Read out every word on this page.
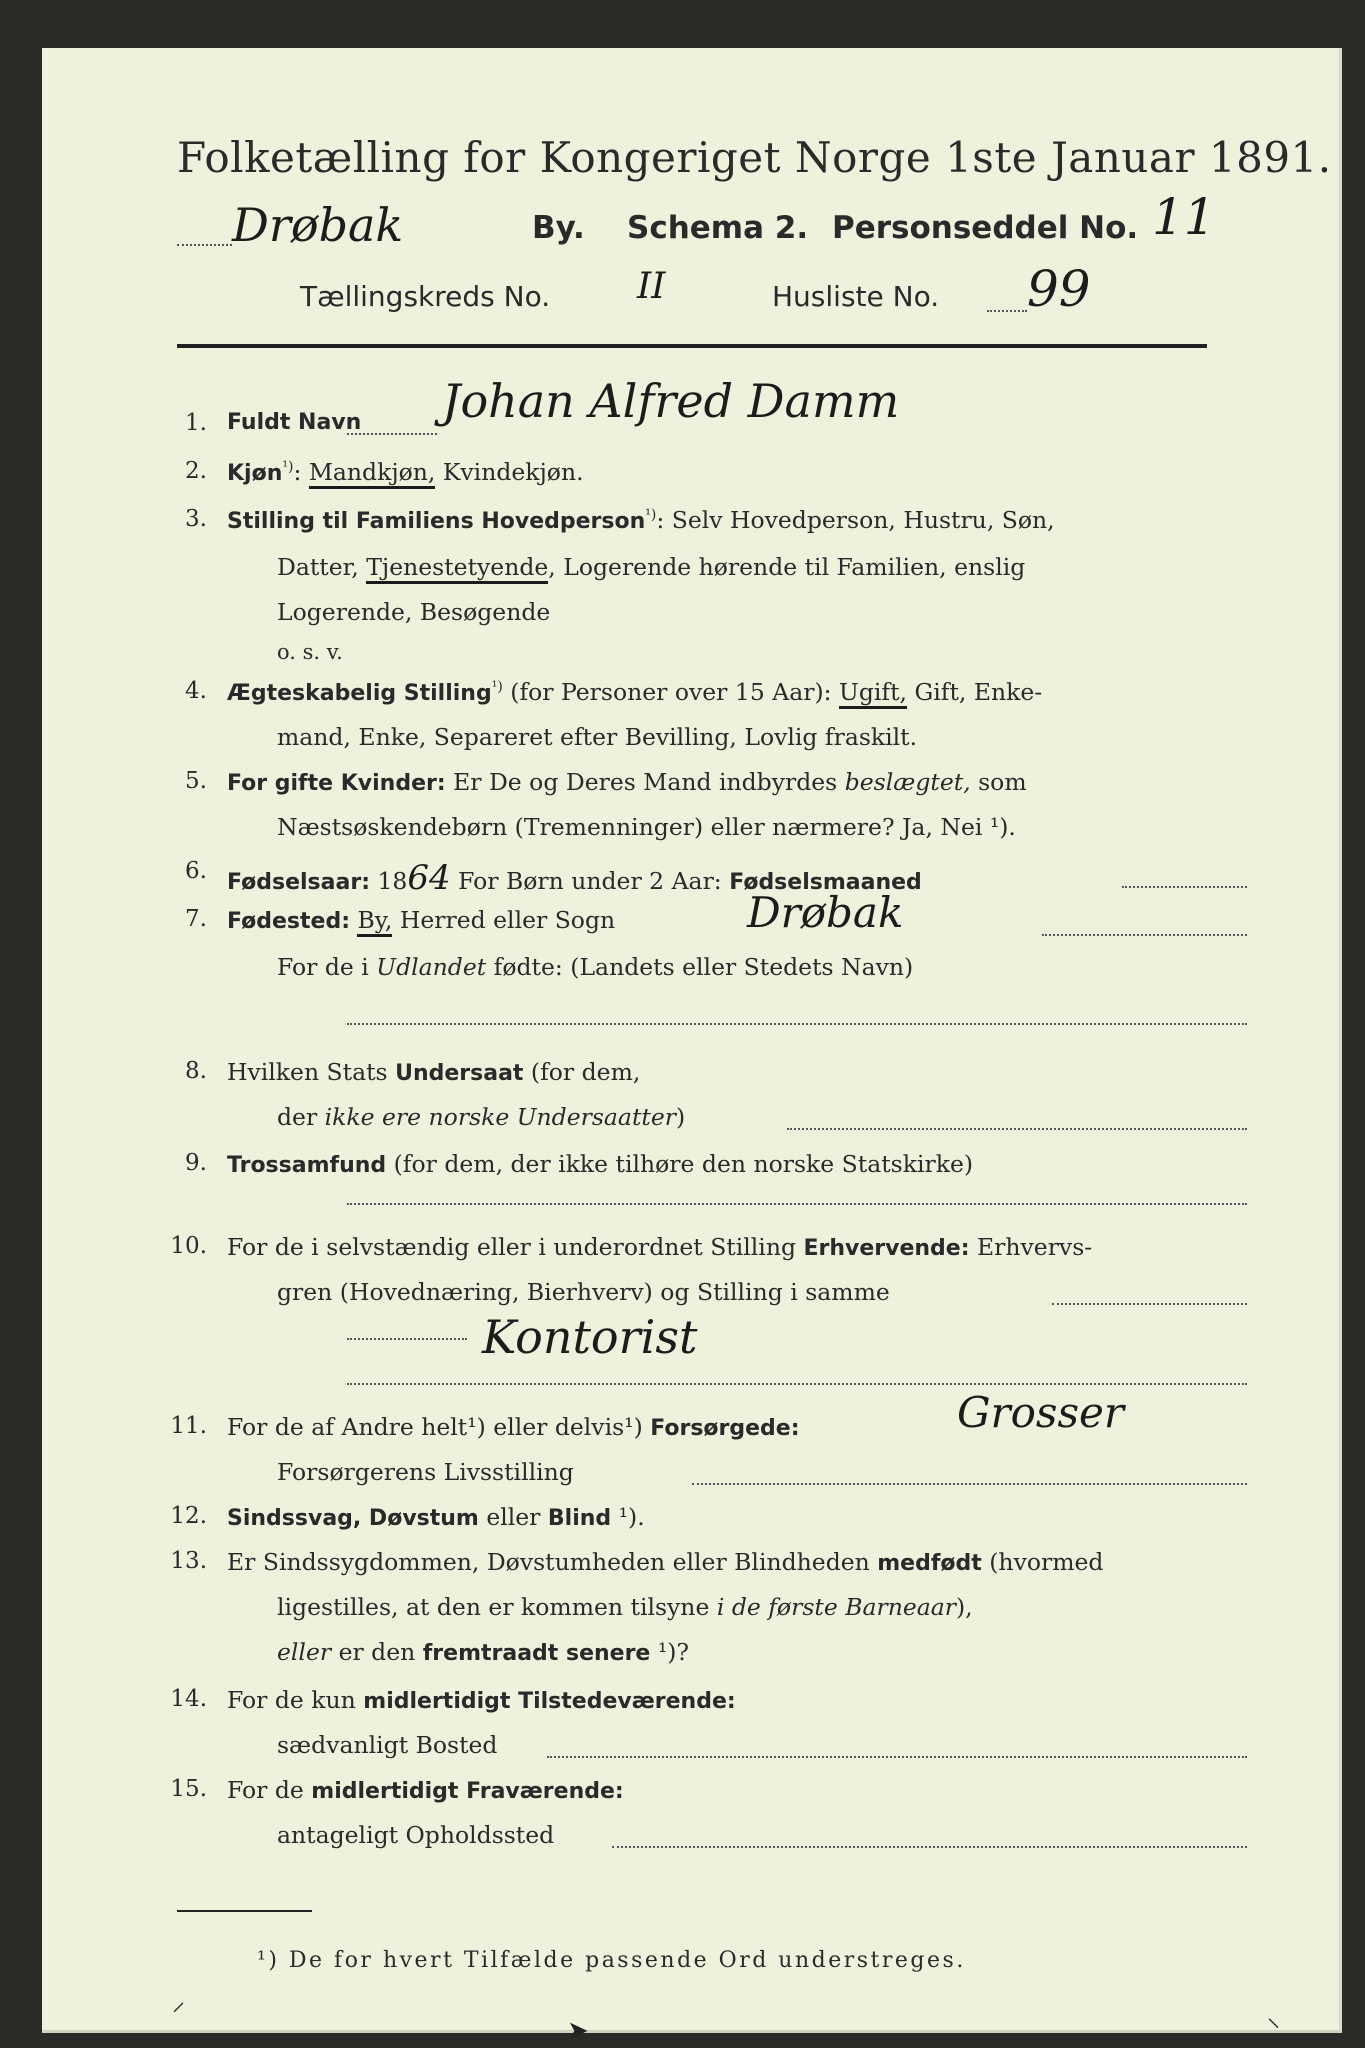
Folketælling for Kongeriget Norge 1ste Januar 1891.
Drøbak	By. Schema 2. Personseddel No. 11
Tællingskreds No. II	Husliste No. 99
1. Fuldt Navn Johan Alfred Damm
2. Kjøn$^{^1)}$: Mandkjøn, Kvindekjøn.
3. Stilling til Familiens Hovedperson$^{^1)}$: Selv Hovedperson, Hustru, Søn,
Datter, Tjenestetyende, Logerende hørende til Familien, enslig
Logerende, Besøgende
o. s. v.
4. Ægteskabelig Stilling$^{^1)}$ (for Personer over 15 Aar): Ugift, Gift, Enke-
mand, Enke, Separeret efter Bevilling, Lovlig fraskilt.
5. For gifte Kvinder: Er De og Deres Mand indbyrdes beslægtet, som
Næstsøskendebørn (Tremenninger) eller nærmere? Ja, Nei ¹).
6. Fødselsaar: 1864 For Børn under 2 Aar: Fødselsmaaned
7. Fødested: By, Herred eller Sogn	Drøbak
For de i Udlandet fødte: (Landets eller Stedets Navn)
8. Hvilken Stats Undersaat (for dem,
der ikke ere norske Undersaatter)
9. Trossamfund (for dem, der ikke tilhøre den norske Statskirke)
10. For de i selvstændig eller i underordnet Stilling Erhvervende: Erhvervs-
gren (Hovednæring, Bierhverv) og Stilling i samme
Kontorist
11. For de af Andre helt¹) eller delvis¹) Forsørgede:	Grosser
Forsørgerens Livsstilling
12. Sindssvag, Døvstum eller Blind ¹).
13. Er Sindssygdommen, Døvstumheden eller Blindheden medfødt (hvormed
ligestilles, at den er kommen tilsyne i de første Barneaar),
eller er den fremtraadt senere ¹)?
14. For de kun midlertidigt Tilstedeværende:
sædvanligt Bosted
15. For de midlertidigt Fraværende:
antageligt Opholdssted
¹) De for hvert Tilfælde passende Ord understreges.
⸍
➤	⸜
